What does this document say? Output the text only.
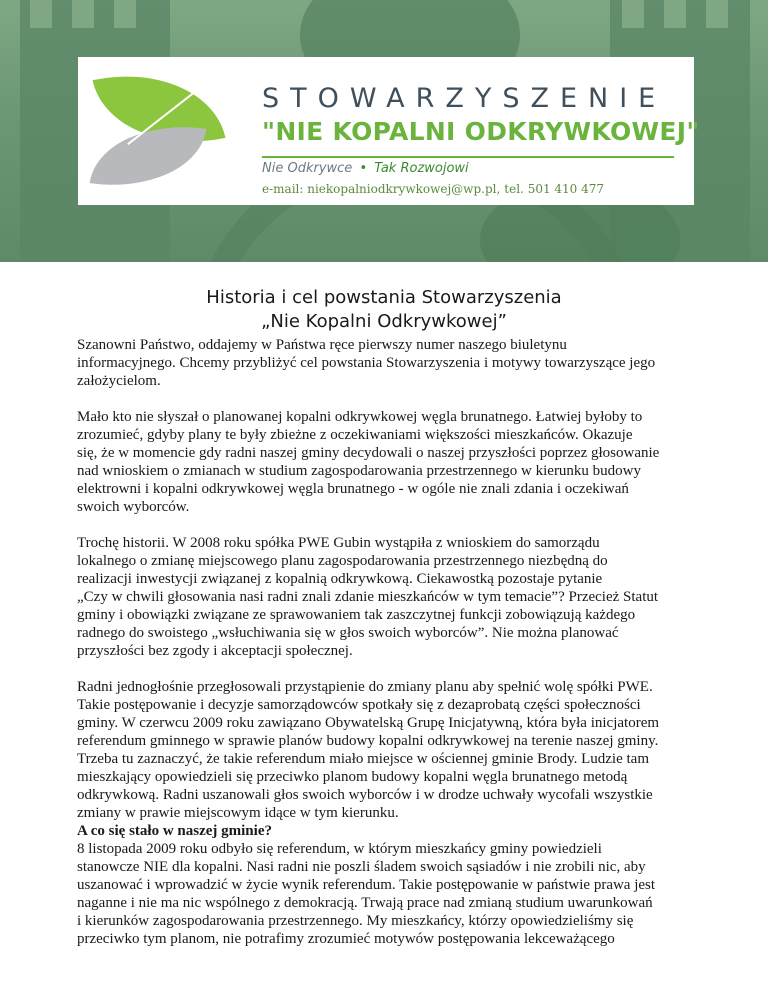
STOWARZYSZENIE
"NIE KOPALNI ODKRYWKOWEJ"
Nie Odkrywce • Tak Rozwojowi
e-mail: niekopalniodkrywkowej@wp.pl, tel. 501 410 477
Historia i cel powstania Stowarzyszenia
„Nie Kopalni Odkrywkowej”
Szanowni Państwo, oddajemy w Państwa ręce pierwszy numer naszego biuletynu
informacyjnego. Chcemy przybliżyć cel powstania Stowarzyszenia i motywy towarzyszące jego
założycielom.
Mało kto nie słyszał o planowanej kopalni odkrywkowej węgla brunatnego. Łatwiej byłoby to
zrozumieć, gdyby plany te były zbieżne z oczekiwaniami większości mieszkańców. Okazuje
się, że w momencie gdy radni naszej gminy decydowali o naszej przyszłości poprzez głosowanie
nad wnioskiem o zmianach w studium zagospodarowania przestrzennego w kierunku budowy
elektrowni i kopalni odkrywkowej węgla brunatnego - w ogóle nie znali zdania i oczekiwań
swoich wyborców.
Trochę historii. W 2008 roku spółka PWE Gubin wystąpiła z wnioskiem do samorządu
lokalnego o zmianę miejscowego planu zagospodarowania przestrzennego niezbędną do
realizacji inwestycji związanej z kopalnią odkrywkową. Ciekawostką pozostaje pytanie
„Czy w chwili głosowania nasi radni znali zdanie mieszkańców w tym temacie”? Przecież Statut
gminy i obowiązki związane ze sprawowaniem tak zaszczytnej funkcji zobowiązują każdego
radnego do swoistego „wsłuchiwania się w głos swoich wyborców”. Nie można planować
przyszłości bez zgody i akceptacji społecznej.
Radni jednogłośnie przegłosowali przystąpienie do zmiany planu aby spełnić wolę spółki PWE.
Takie postępowanie i decyzje samorządowców spotkały się z dezaprobatą części społeczności
gminy. W czerwcu 2009 roku zawiązano Obywatelską Grupę Inicjatywną, która była inicjatorem
referendum gminnego w sprawie planów budowy kopalni odkrywkowej na terenie naszej gminy.
Trzeba tu zaznaczyć, że takie referendum miało miejsce w ościennej gminie Brody. Ludzie tam
mieszkający opowiedzieli się przeciwko planom budowy kopalni węgla brunatnego metodą
odkrywkową. Radni uszanowali głos swoich wyborców i w drodze uchwały wycofali wszystkie
zmiany w prawie miejscowym idące w tym kierunku.
A co się stało w naszej gminie?
8 listopada 2009 roku odbyło się referendum, w którym mieszkańcy gminy powiedzieli
stanowcze NIE dla kopalni. Nasi radni nie poszli śladem swoich sąsiadów i nie zrobili nic, aby
uszanować i wprowadzić w życie wynik referendum. Takie postępowanie w państwie prawa jest
naganne i nie ma nic wspólnego z demokracją. Trwają prace nad zmianą studium uwarunkowań
i kierunków zagospodarowania przestrzennego. My mieszkańcy, którzy opowiedzieliśmy się
przeciwko tym planom, nie potrafimy zrozumieć motywów postępowania lekceważącego
